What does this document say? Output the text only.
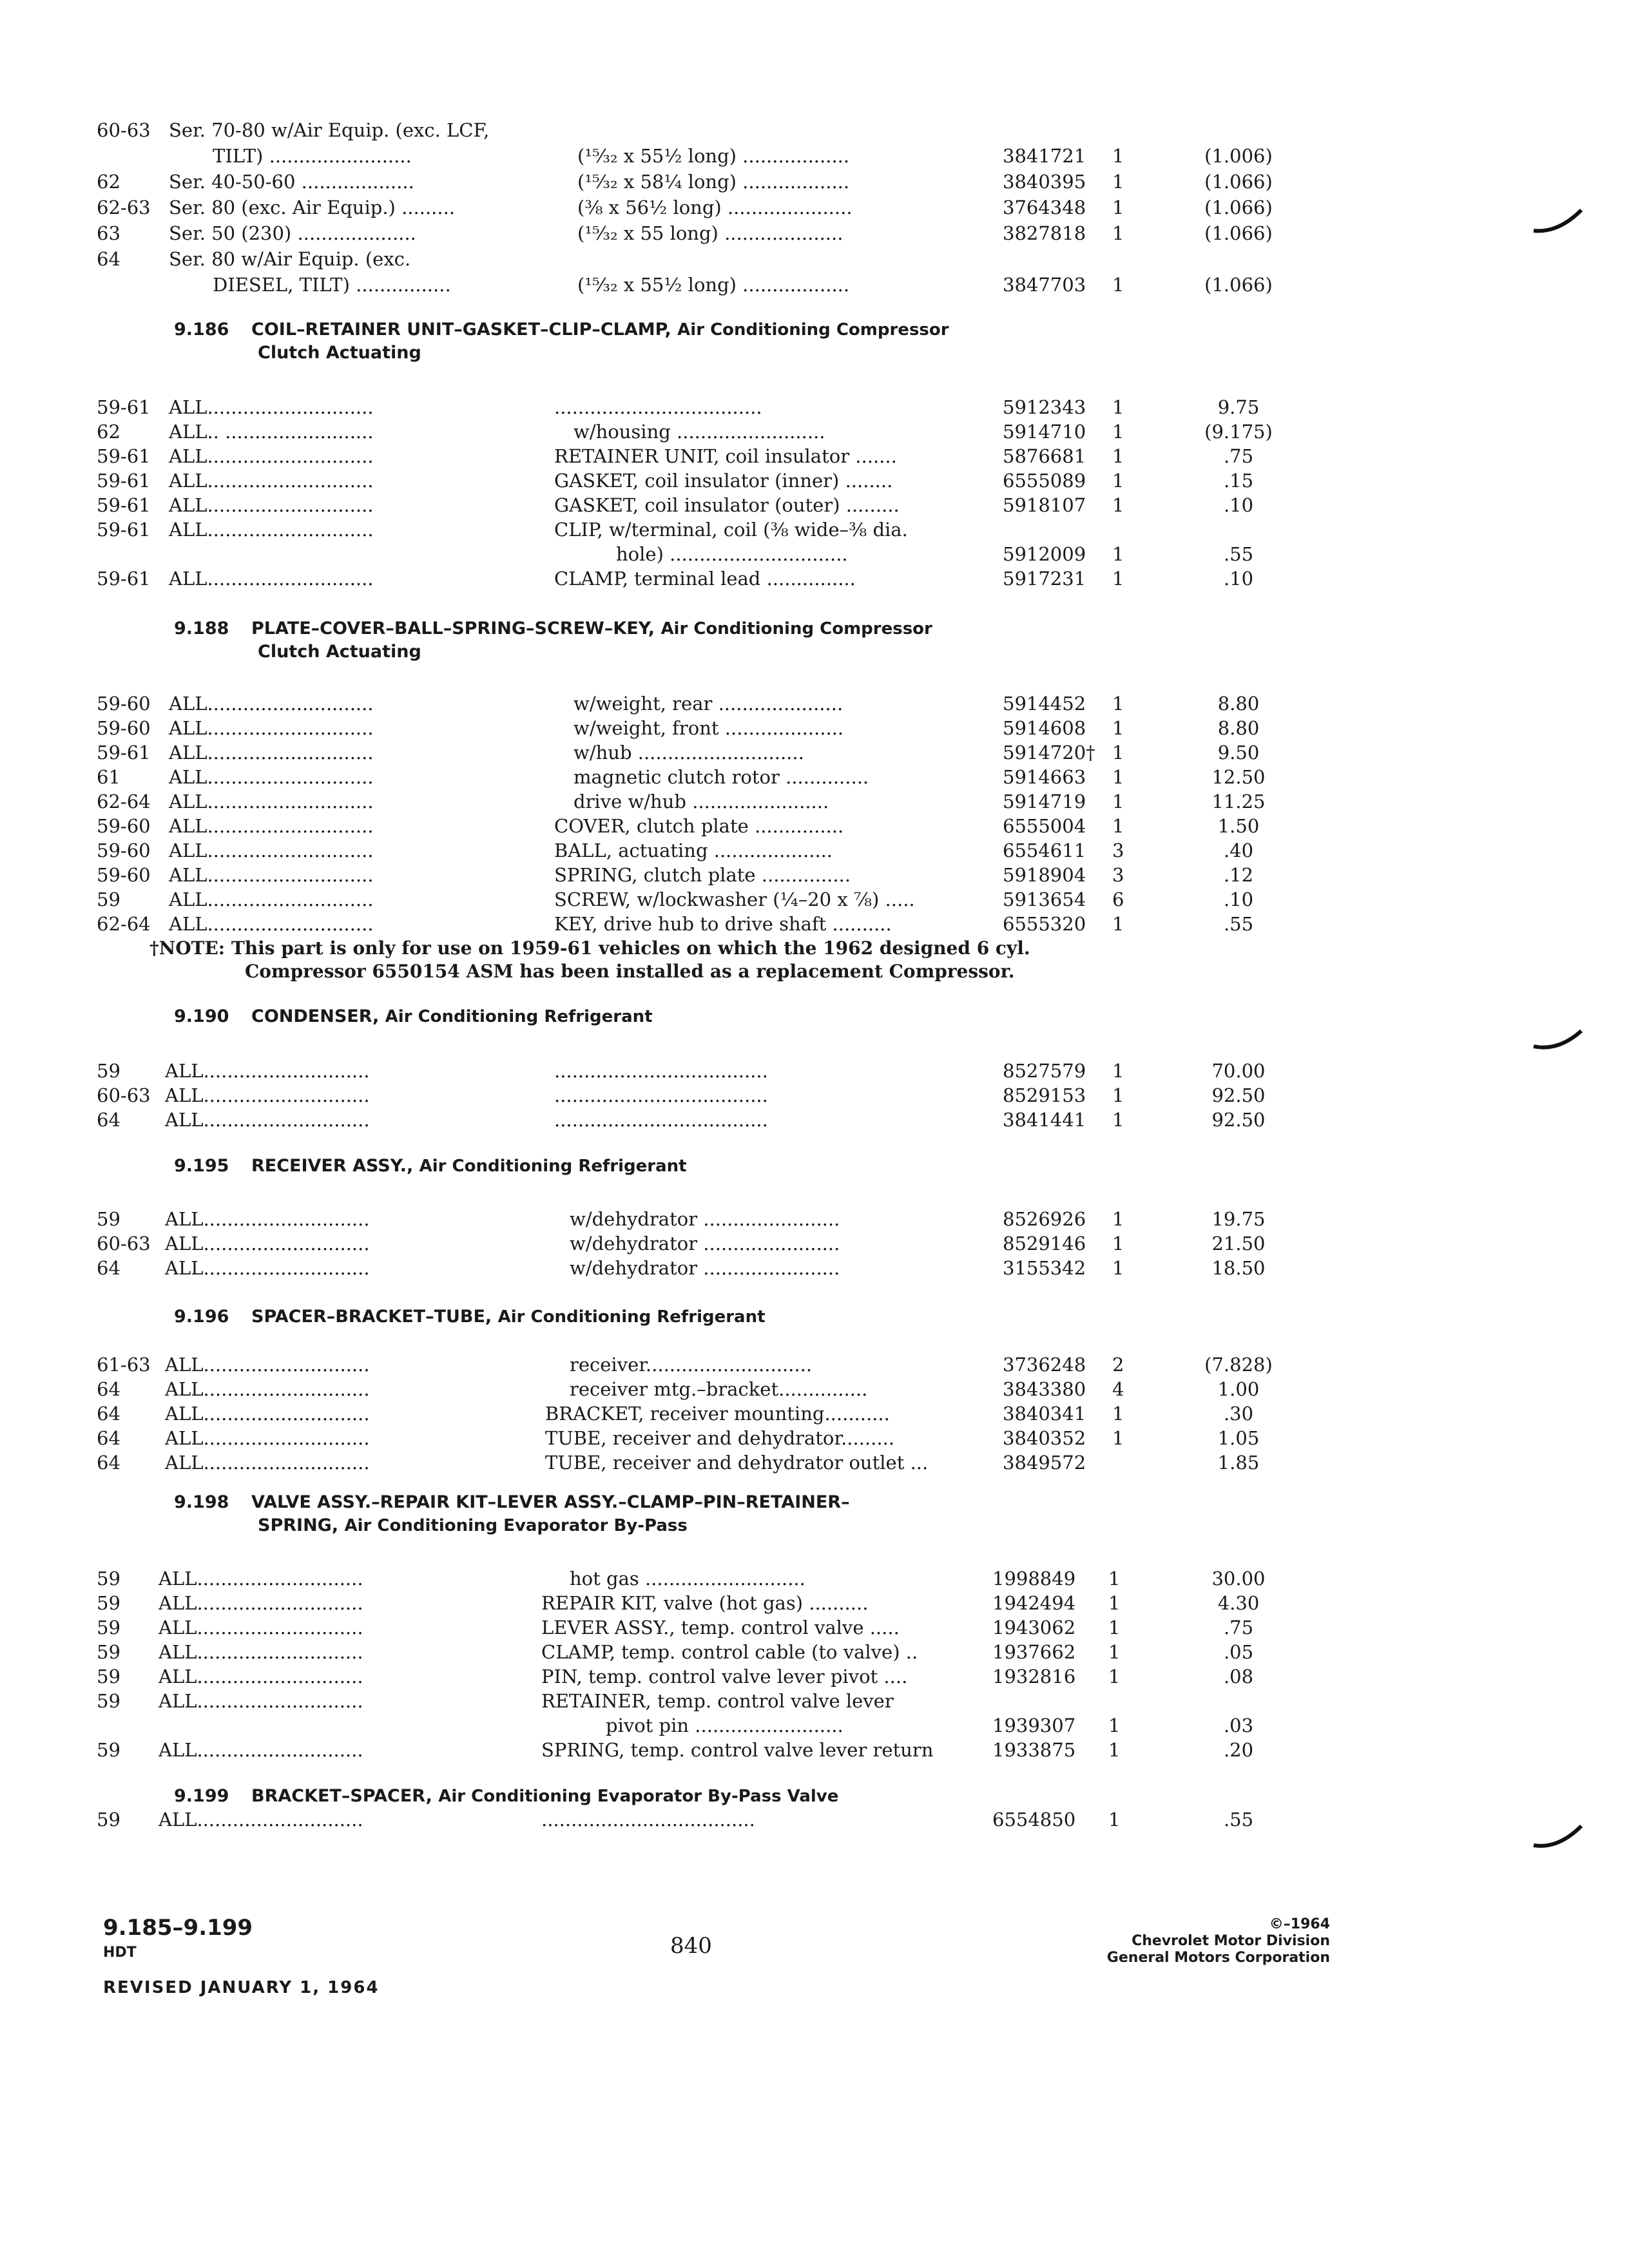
60-63 Ser. 70-80 w/Air Equip. (exc. LCF,
TILT) ........................	(¹⁵⁄₃₂ x 55½ long) ..................	3841721 1	(1.006)
62	Ser. 40-50-60 ...................	(¹⁵⁄₃₂ x 58¼ long) ..................	3840395 1	(1.066)
62-63 Ser. 80 (exc. Air Equip.) .........	(⅜ x 56½ long) .....................	3764348 1	(1.066)
63	Ser. 50 (230) ....................	(¹⁵⁄₃₂ x 55 long) ....................	3827818 1	(1.066)
64	Ser. 80 w/Air Equip. (exc.
DIESEL, TILT) ................	(¹⁵⁄₃₂ x 55½ long) ..................	3847703 1	(1.066)
9.186 COIL–RETAINER UNIT–GASKET–CLIP–CLAMP, Air Conditioning Compressor
Clutch Actuating
59-61 ALL............................	...................................	5912343 1	9.75
62	ALL.. .........................	w/housing .........................	5914710 1	(9.175)
59-61 ALL............................	RETAINER UNIT, coil insulator .......	5876681 1	.75
59-61 ALL............................	GASKET, coil insulator (inner) ........	6555089 1	.15
59-61 ALL............................	GASKET, coil insulator (outer) .........	5918107 1	.10
59-61 ALL............................	CLIP, w/terminal, coil (⅜ wide–⅜ dia.
hole) ..............................	5912009 1	.55
59-61 ALL............................	CLAMP, terminal lead ...............	5917231 1	.10
9.188 PLATE–COVER–BALL–SPRING–SCREW–KEY, Air Conditioning Compressor
Clutch Actuating
59-60 ALL............................	w/weight, rear .....................	5914452 1	8.80
59-60 ALL............................	w/weight, front ....................	5914608 1	8.80
59-61 ALL............................	w/hub ............................	5914720† 1	9.50
61	ALL............................	magnetic clutch rotor ..............	5914663 1	12.50
62-64 ALL............................	drive w/hub .......................	5914719 1	11.25
59-60 ALL............................	COVER, clutch plate ...............	6555004 1	1.50
59-60 ALL............................	BALL, actuating ....................	6554611 3	.40
59-60 ALL............................	SPRING, clutch plate ...............	5918904 3	.12
59	ALL............................	SCREW, w/lockwasher (¼–20 x ⅞) .....	5913654 6	.10
62-64 ALL............................	KEY, drive hub to drive shaft ..........	6555320 1	.55
†NOTE: This part is only for use on 1959-61 vehicles on which the 1962 designed 6 cyl.
Compressor 6550154 ASM has been installed as a replacement Compressor.
9.190 CONDENSER, Air Conditioning Refrigerant
59 ALL............................	....................................	8527579 1	70.00
60-63 ALL............................	....................................	8529153 1	92.50
64 ALL............................	....................................	3841441 1	92.50
9.195 RECEIVER ASSY., Air Conditioning Refrigerant
59 ALL............................	w/dehydrator .......................	8526926 1	19.75
60-63 ALL............................	w/dehydrator .......................	8529146 1	21.50
64 ALL............................	w/dehydrator .......................	3155342 1	18.50
9.196 SPACER–BRACKET–TUBE, Air Conditioning Refrigerant
61-63 ALL............................	receiver............................	3736248 2	(7.828)
64 ALL............................	receiver mtg.–bracket...............	3843380 4	1.00
64 ALL............................	BRACKET, receiver mounting...........	3840341 1	.30
64 ALL............................	TUBE, receiver and dehydrator.........	3840352 1	1.05
64 ALL............................	TUBE, receiver and dehydrator outlet ...	3849572	1.85
9.198 VALVE ASSY.–REPAIR KIT–LEVER ASSY.–CLAMP–PIN–RETAINER–
SPRING, Air Conditioning Evaporator By-Pass
59 ALL............................	hot gas ...........................	1998849 1	30.00
59 ALL............................	REPAIR KIT, valve (hot gas) ..........	1942494 1	4.30
59 ALL............................	LEVER ASSY., temp. control valve .....	1943062 1	.75
59 ALL............................	CLAMP, temp. control cable (to valve) ..	1937662 1	.05
59 ALL............................	PIN, temp. control valve lever pivot ....	1932816 1	.08
59 ALL............................	RETAINER, temp. control valve lever
pivot pin .........................	1939307 1	.03
59 ALL............................	SPRING, temp. control valve lever return	1933875 1	.20
9.199 BRACKET–SPACER, Air Conditioning Evaporator By-Pass Valve
59 ALL............................	....................................	6554850 1	.55
9.185–9.199
HDT	840
©–1964
Chevrolet Motor Division
General Motors Corporation
REVISED JANUARY 1, 1964
